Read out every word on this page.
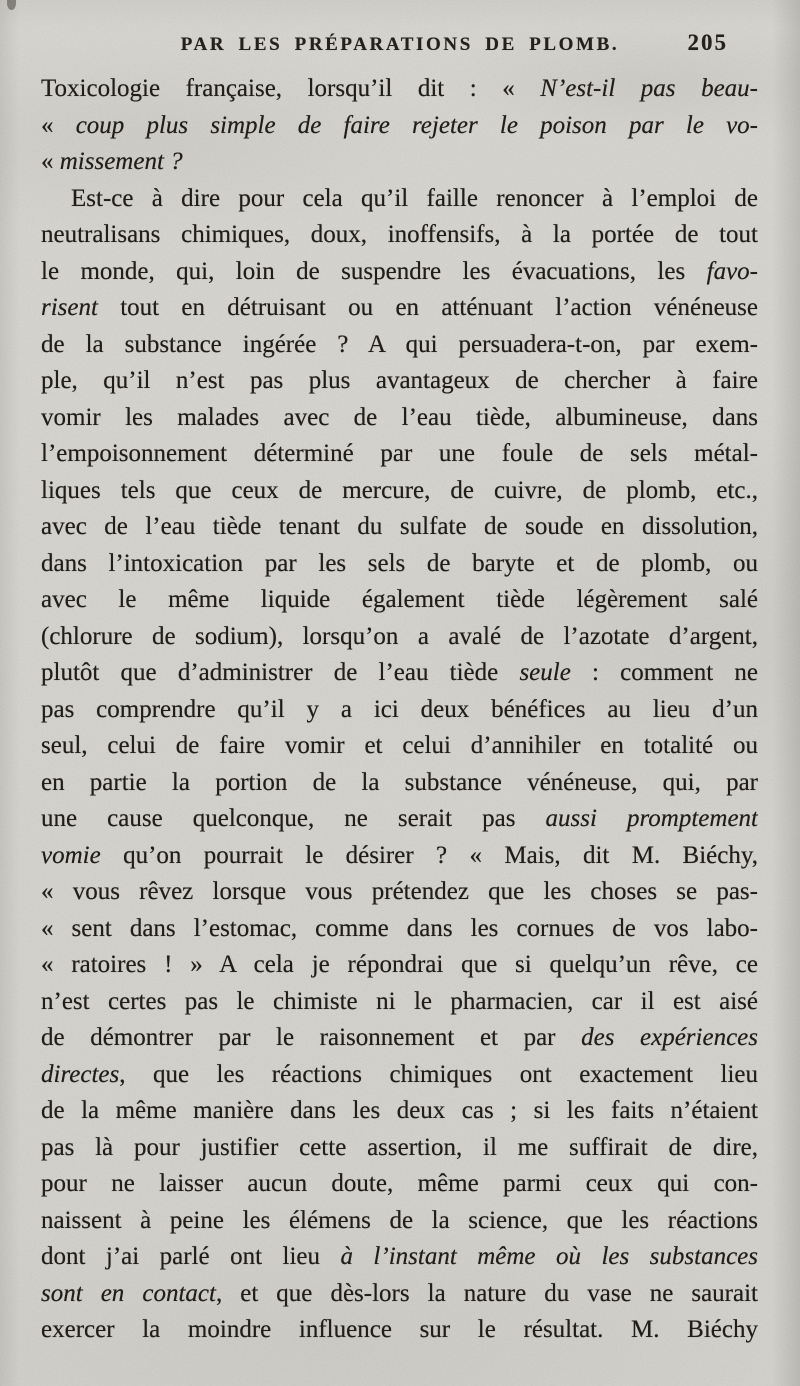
PAR LES PRÉPARATIONS DE PLOMB.	205
Toxicologie française, lorsqu’il dit : « N’est-il pas beau-
« coup plus simple de faire rejeter le poison par le vo-
« missement ?
Est-ce à dire pour cela qu’il faille renoncer à l’emploi de
neutralisans chimiques, doux, inoffensifs, à la portée de tout
le monde, qui, loin de suspendre les évacuations, les favo-
risent tout en détruisant ou en atténuant l’action vénéneuse
de la substance ingérée ? A qui persuadera-t-on, par exem-
ple, qu’il n’est pas plus avantageux de chercher à faire
vomir les malades avec de l’eau tiède, albumineuse, dans
l’empoisonnement déterminé par une foule de sels métal-
liques tels que ceux de mercure, de cuivre, de plomb, etc.,
avec de l’eau tiède tenant du sulfate de soude en dissolution,
dans l’intoxication par les sels de baryte et de plomb, ou
avec le même liquide également tiède légèrement salé
(chlorure de sodium), lorsqu’on a avalé de l’azotate d’argent,
plutôt que d’administrer de l’eau tiède seule : comment ne
pas comprendre qu’il y a ici deux bénéfices au lieu d’un
seul, celui de faire vomir et celui d’annihiler en totalité ou
en partie la portion de la substance vénéneuse, qui, par
une cause quelconque, ne serait pas aussi promptement
vomie qu’on pourrait le désirer ? « Mais, dit M. Biéchy,
« vous rêvez lorsque vous prétendez que les choses se pas-
« sent dans l’estomac, comme dans les cornues de vos labo-
« ratoires ! » A cela je répondrai que si quelqu’un rêve, ce
n’est certes pas le chimiste ni le pharmacien, car il est aisé
de démontrer par le raisonnement et par des expériences
directes, que les réactions chimiques ont exactement lieu
de la même manière dans les deux cas ; si les faits n’étaient
pas là pour justifier cette assertion, il me suffirait de dire,
pour ne laisser aucun doute, même parmi ceux qui con-
naissent à peine les élémens de la science, que les réactions
dont j’ai parlé ont lieu à l’instant même où les substances
sont en contact, et que dès-lors la nature du vase ne saurait
exercer la moindre influence sur le résultat. M. Biéchy
